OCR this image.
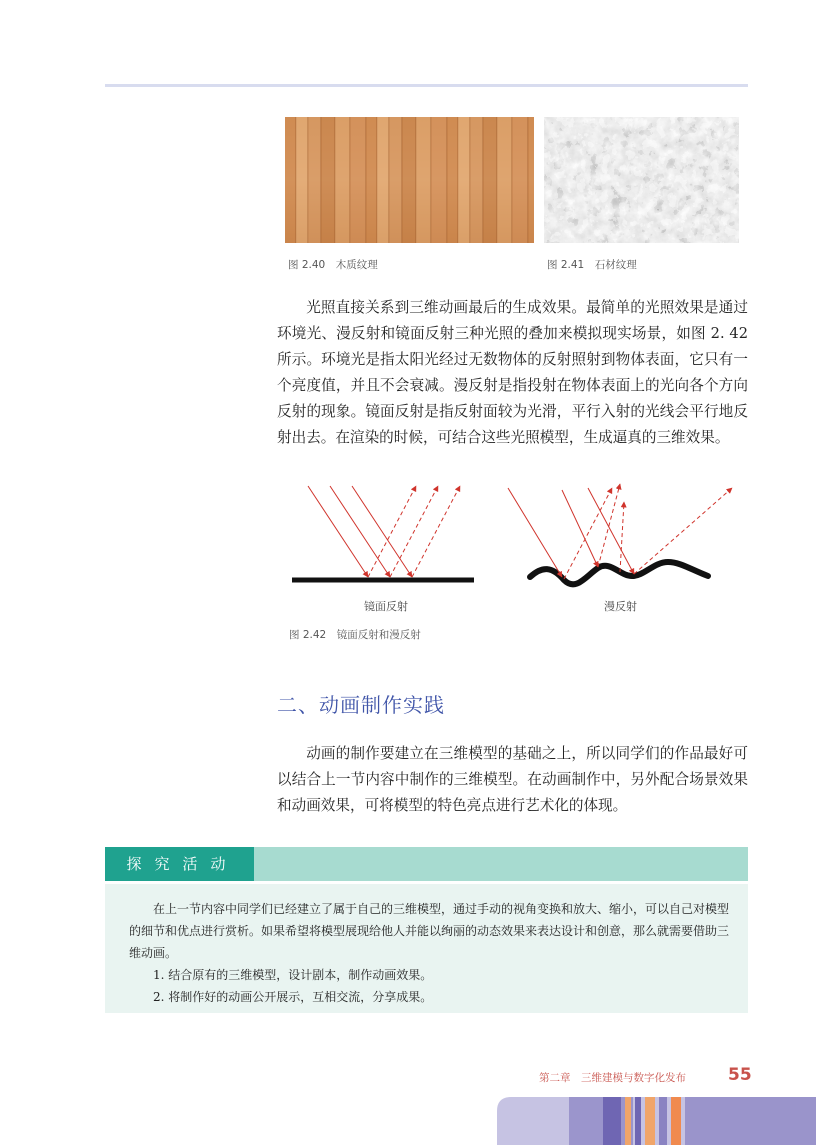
图 2.40　木质纹理	图 2.41　石材纹理

光照直接关系到三维动画最后的生成效果。最简单的光照效果是通过环境光、漫反射和镜面反射三种光照的叠加来模拟现实场景，如图 2. 42 所示。环境光是指太阳光经过无数物体的反射照射到物体表面，它只有一个亮度值，并且不会衰减。漫反射是指投射在物体表面上的光向各个方向反射的现象。镜面反射是指反射面较为光滑，平行入射的光线会平行地反射出去。在渲染的时候，可结合这些光照模型，生成逼真的三维效果。

镜面反射	漫反射
图 2.42　镜面反射和漫反射
二、动画制作实践

动画的制作要建立在三维模型的基础之上，所以同学们的作品最好可以结合上一节内容中制作的三维模型。在动画制作中，另外配合场景效果和动画效果，可将模型的特色亮点进行艺术化的体现。

探究活动

在上一节内容中同学们已经建立了属于自己的三维模型，通过手动的视角变换和放大、缩小，可以自己对模型的细节和优点进行赏析。如果希望将模型展现给他人并能以绚丽的动态效果来表达设计和创意，那么就需要借助三维动画。

1. 结合原有的三维模型，设计剧本，制作动画效果。

2. 将制作好的动画公开展示，互相交流，分享成果。

第二章　三维建模与数字化发布 55
